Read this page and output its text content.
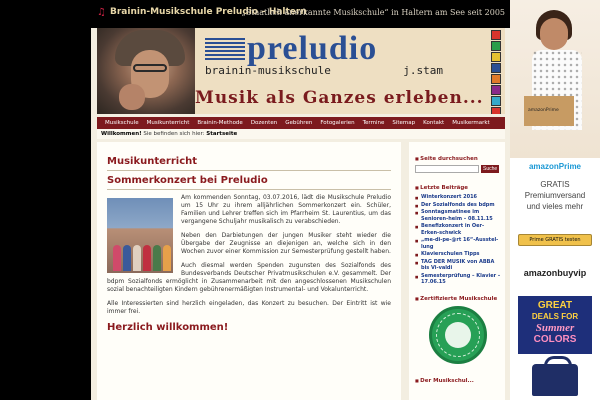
♫ Brainin-Musikschule Preludio – Haltern
„Staatlich anerkannte Musikschule“ in Haltern am See seit 2005
preludio
brainin-musikschule	j.stam
Musik als Ganzes erleben...
Musikschule	Musikunterricht	Brainin-Methode	Dozenten	Gebühren	Fotogalerien	Termine	Sitemap	Kontakt	Musikermarkt
Willkommen! Sie befinden sich hier: Startseite
Musikunterricht
Sommerkonzert bei Preludio

Am kommenden Sonntag, 03.07.2016, lädt die Musikschule Preludio um 15 Uhr zu ihrem alljährlichen Sommerkonzert ein. Schüler, Familien und Lehrer treffen sich im Pfarrheim St. Laurentius, um das vergangene Schuljahr musikalisch zu verabschieden.

Neben den Darbietungen der jungen Musiker steht wieder die Übergabe der Zeugnisse an diejenigen an, welche sich in den Wochen zuvor einer Kommission zur Semesterprüfung gestellt haben.

Auch diesmal werden Spenden zugunsten des Sozialfonds des Bundesverbands Deutscher Privatmusikschulen e.V. gesammelt. Der bdpm Sozialfonds ermöglicht in Zusammenarbeit mit den angeschlossenen Musikschulen sozial benachteiligten Kindern gebührenermäßigten Instrumental- und Vokalunterricht.

Alle Interessierten sind herzlich eingeladen, das Konzert zu besuchen. Der Eintritt ist wie immer frei.

Herzlich willkommen!
■ Seite durchsuchen
Suche
■ Letzte Beiträge
■ Winterkonzert 2016
■ Der Sozialfonds des bdpm
■ Sonntagsmatinee im Senioren-heim – 08.11.15
■ Benefizkonzert in Oer-Erken-schwick
■ „me-di-pe-@rt 16“-Ausstel-lung
■ Klavierschulen Tipps
■ TAG DER MUSIK von ABBA bis Vi-valdi
■ Semesterprüfung – Klavier – 17.06.15
■ Zertifizierte Musikschule
■ Der Musikschul...
amazonPrime
amazonPrime
GRATIS
Premiumversand
und vieles mehr
Prime GRATIS testen
amazonbuyvip
GREAT
DEALS FOR
Summer
COLORS
